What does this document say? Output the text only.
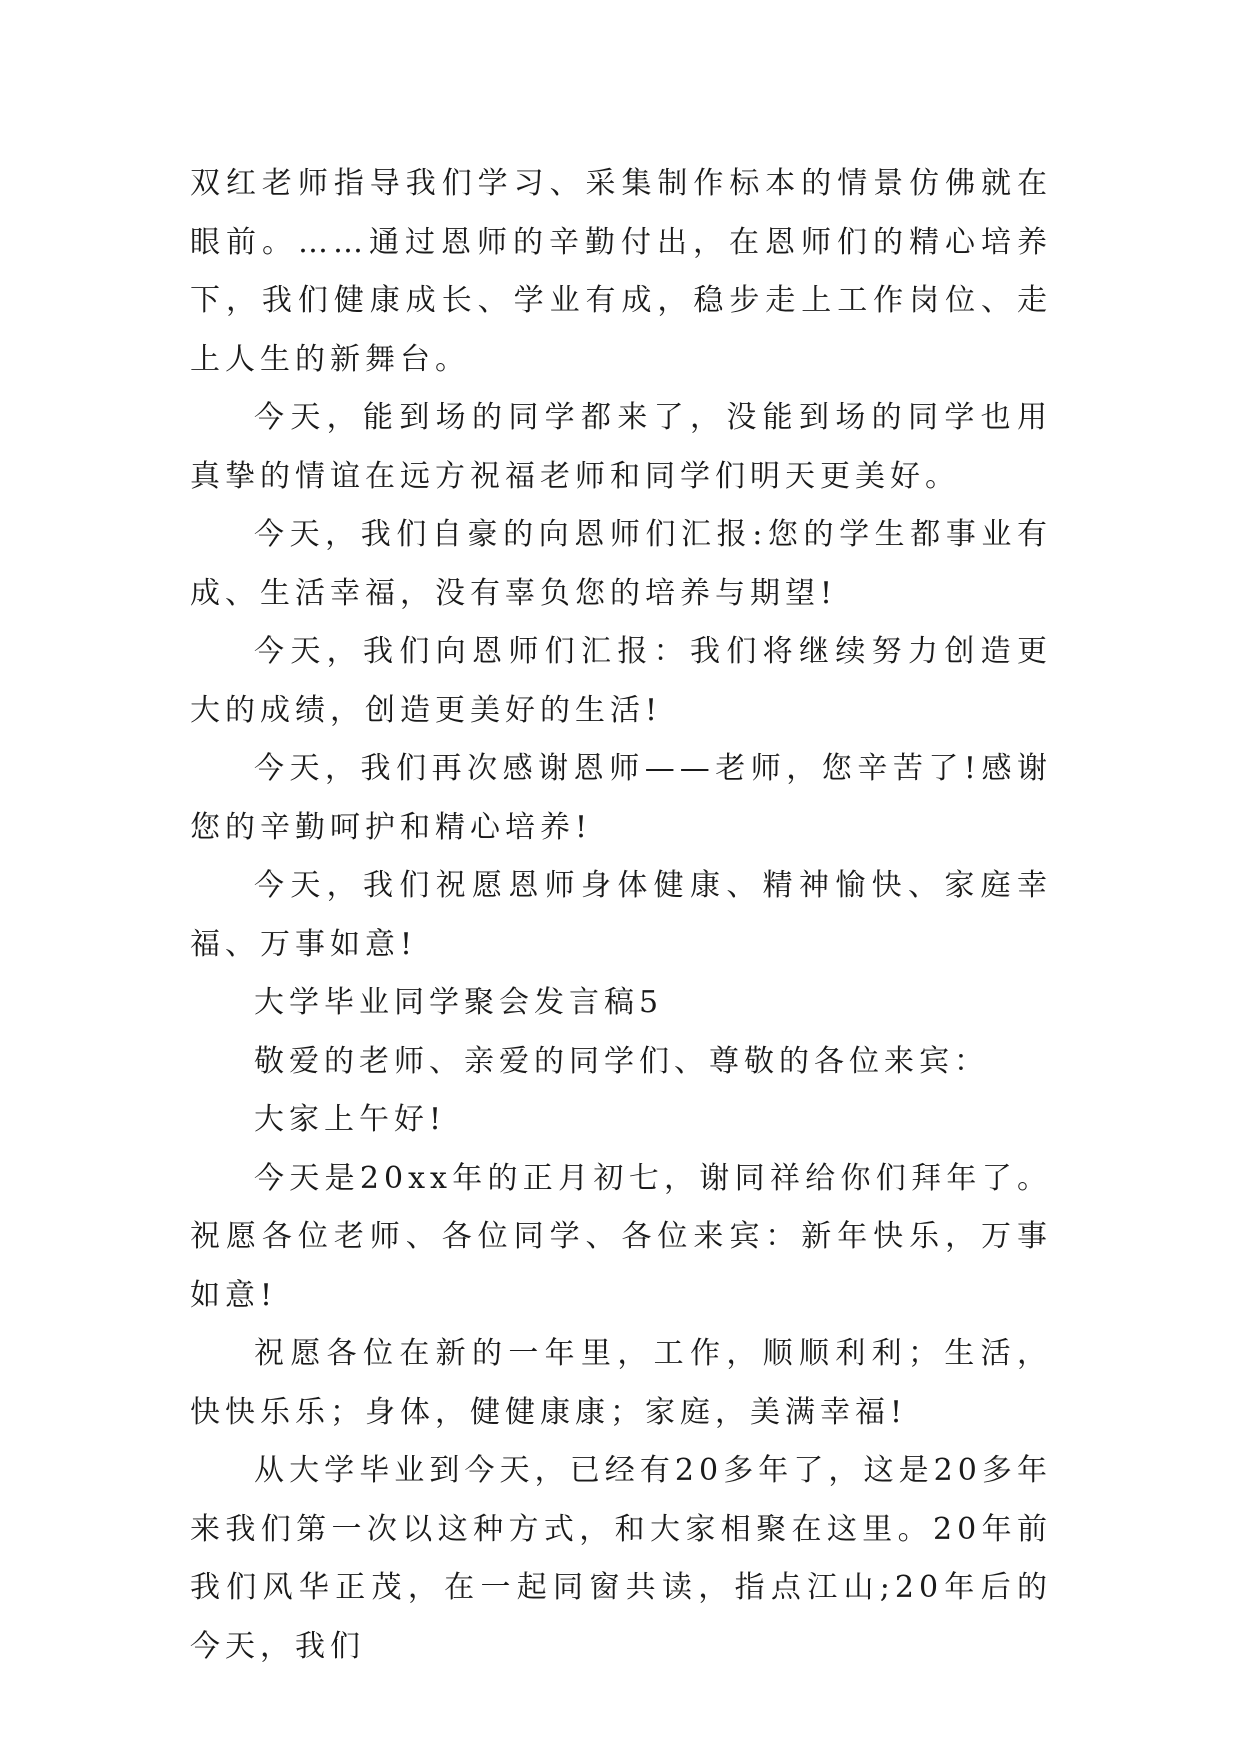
双红老师指导我们学习、采集制作标本的情景仿佛就在眼前。……通过恩师的辛勤付出，在恩师们的精心培养下，我们健康成长、学业有成，稳步走上工作岗位、走上人生的新舞台。

今天，能到场的同学都来了，没能到场的同学也用真挚的情谊在远方祝福老师和同学们明天更美好。

今天，我们自豪的向恩师们汇报:您的学生都事业有成、生活幸福，没有辜负您的培养与期望!

今天，我们向恩师们汇报：我们将继续努力创造更大的成绩，创造更美好的生活!

今天，我们再次感谢恩师——老师，您辛苦了!感谢您的辛勤呵护和精心培养!

今天，我们祝愿恩师身体健康、精神愉快、家庭幸福、万事如意!

大学毕业同学聚会发言稿5

敬爱的老师、亲爱的同学们、尊敬的各位来宾：

大家上午好!

今天是20xx年的正月初七，谢同祥给你们拜年了。祝愿各位老师、各位同学、各位来宾：新年快乐，万事如意!

祝愿各位在新的一年里，工作，顺顺利利；生活，快快乐乐；身体，健健康康；家庭，美满幸福!

从大学毕业到今天，已经有20多年了，这是20多年来我们第一次以这种方式，和大家相聚在这里。20年前我们风华正茂，在一起同窗共读，指点江山;20年后的今天，我们
